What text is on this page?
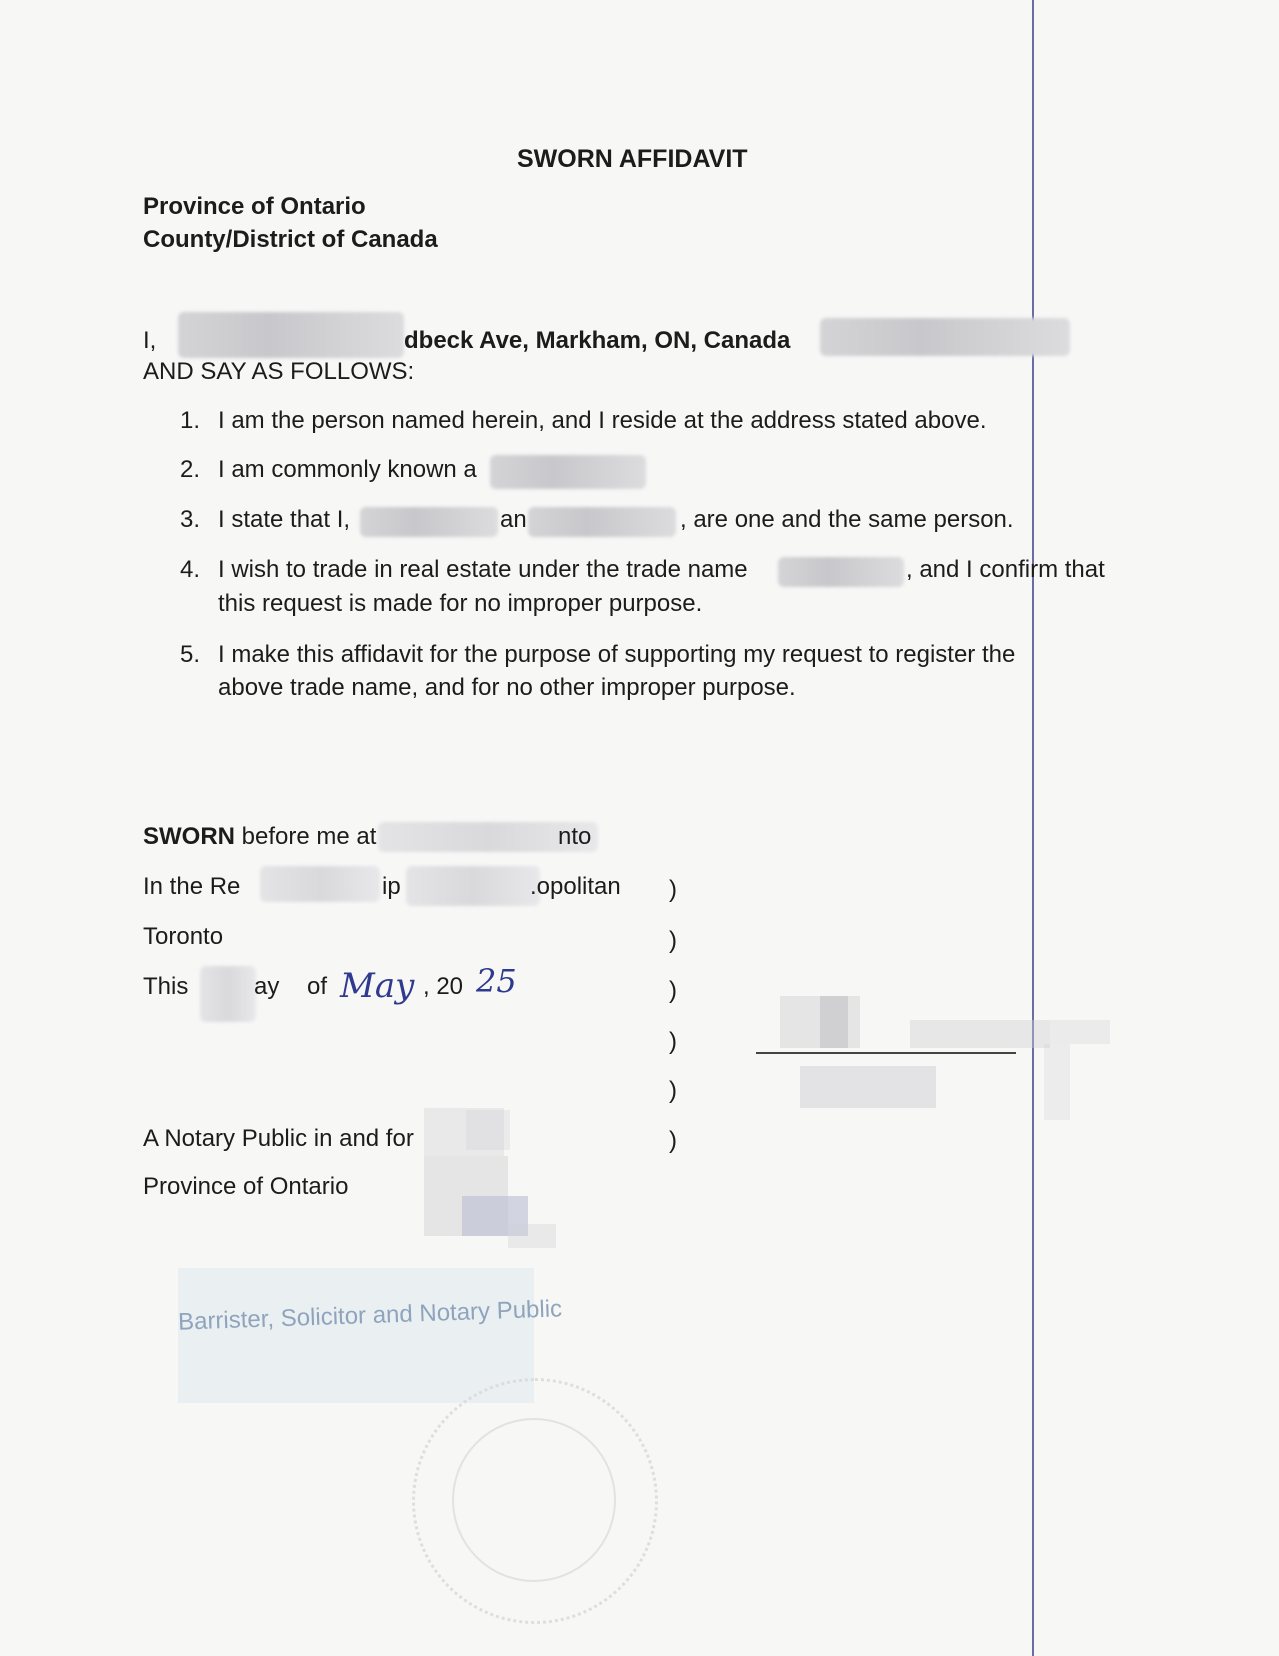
SWORN AFFIDAVIT
Province of Ontario
County/District of Canada
I,	dbeck Ave, Markham, ON, Canada
AND SAY AS FOLLOWS:
1. I am the person named herein, and I reside at the address stated above.
2. I am commonly known a
3. I state that I,	an	, are one and the same person.
4. I wish to trade in real estate under the trade name	, and I confirm that
this request is made for no improper purpose.
5. I make this affidavit for the purpose of supporting my request to register the
above trade name, and for no other improper purpose.
SWORN before me at	nto
In the Re	ip	.opolitan )
Toronto	)
This	ay of May , 20 25	)
)
)
A Notary Public in and for	)
Province of Ontario
Barrister, Solicitor and Notary Public
